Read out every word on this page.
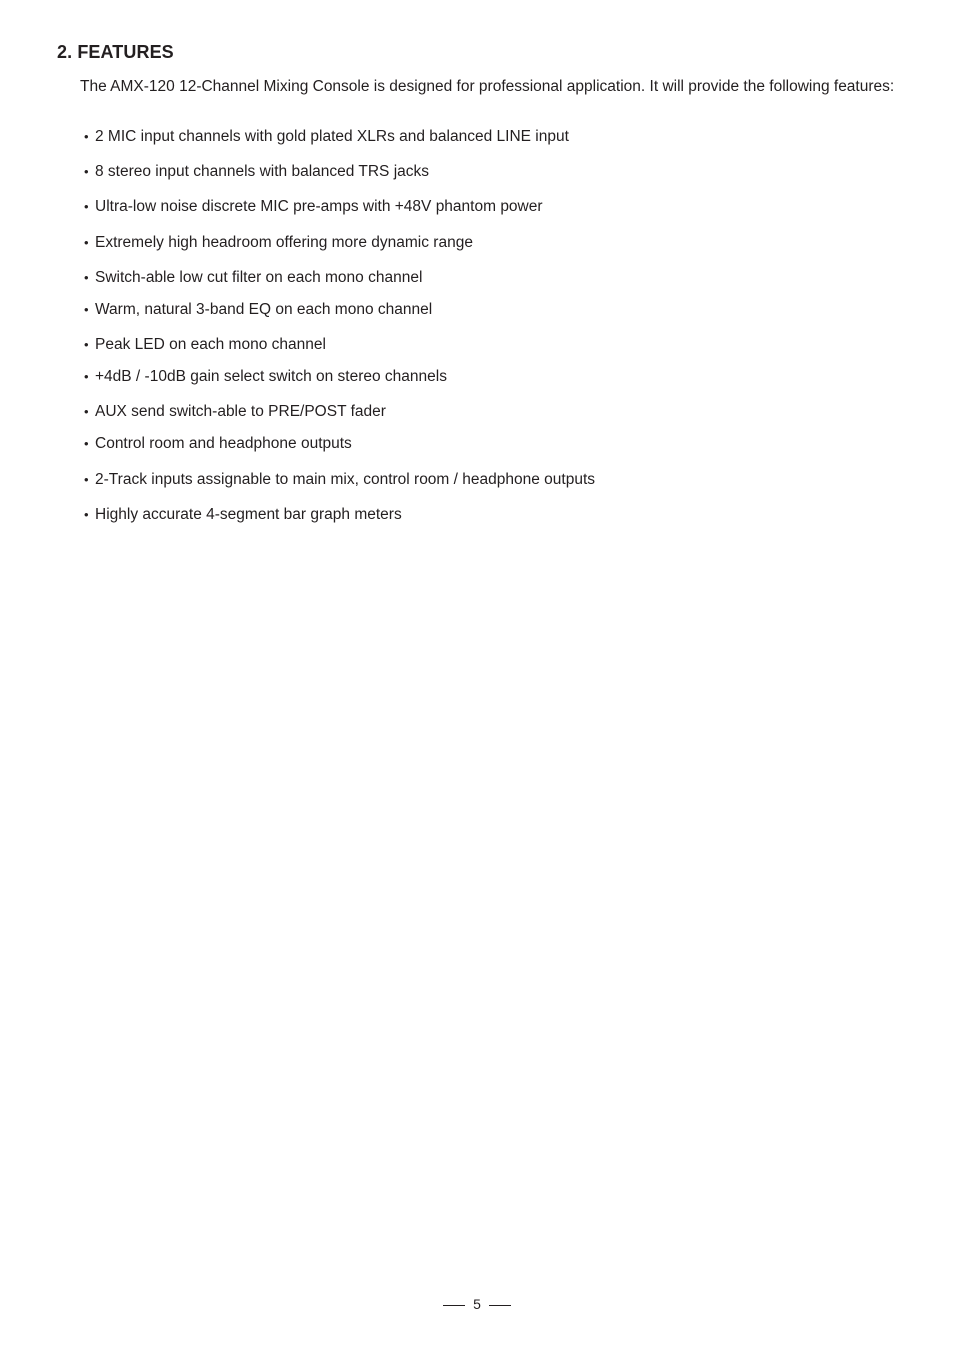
2. FEATURES
The AMX-120 12-Channel Mixing Console is designed for professional application. It will provide the following features:
• 2 MIC input channels with gold plated XLRs and balanced LINE input
• 8 stereo input channels with balanced TRS jacks
• Ultra-low noise discrete MIC pre-amps with +48V phantom power
• Extremely high headroom offering more dynamic range
• Switch-able low cut filter on each mono channel
• Warm, natural 3-band EQ on each mono channel
• Peak LED on each mono channel
• +4dB / -10dB gain select switch on stereo channels
• AUX send switch-able to PRE/POST fader
• Control room and headphone outputs
• 2-Track inputs assignable to main mix, control room / headphone outputs
• Highly accurate 4-segment bar graph meters
5
